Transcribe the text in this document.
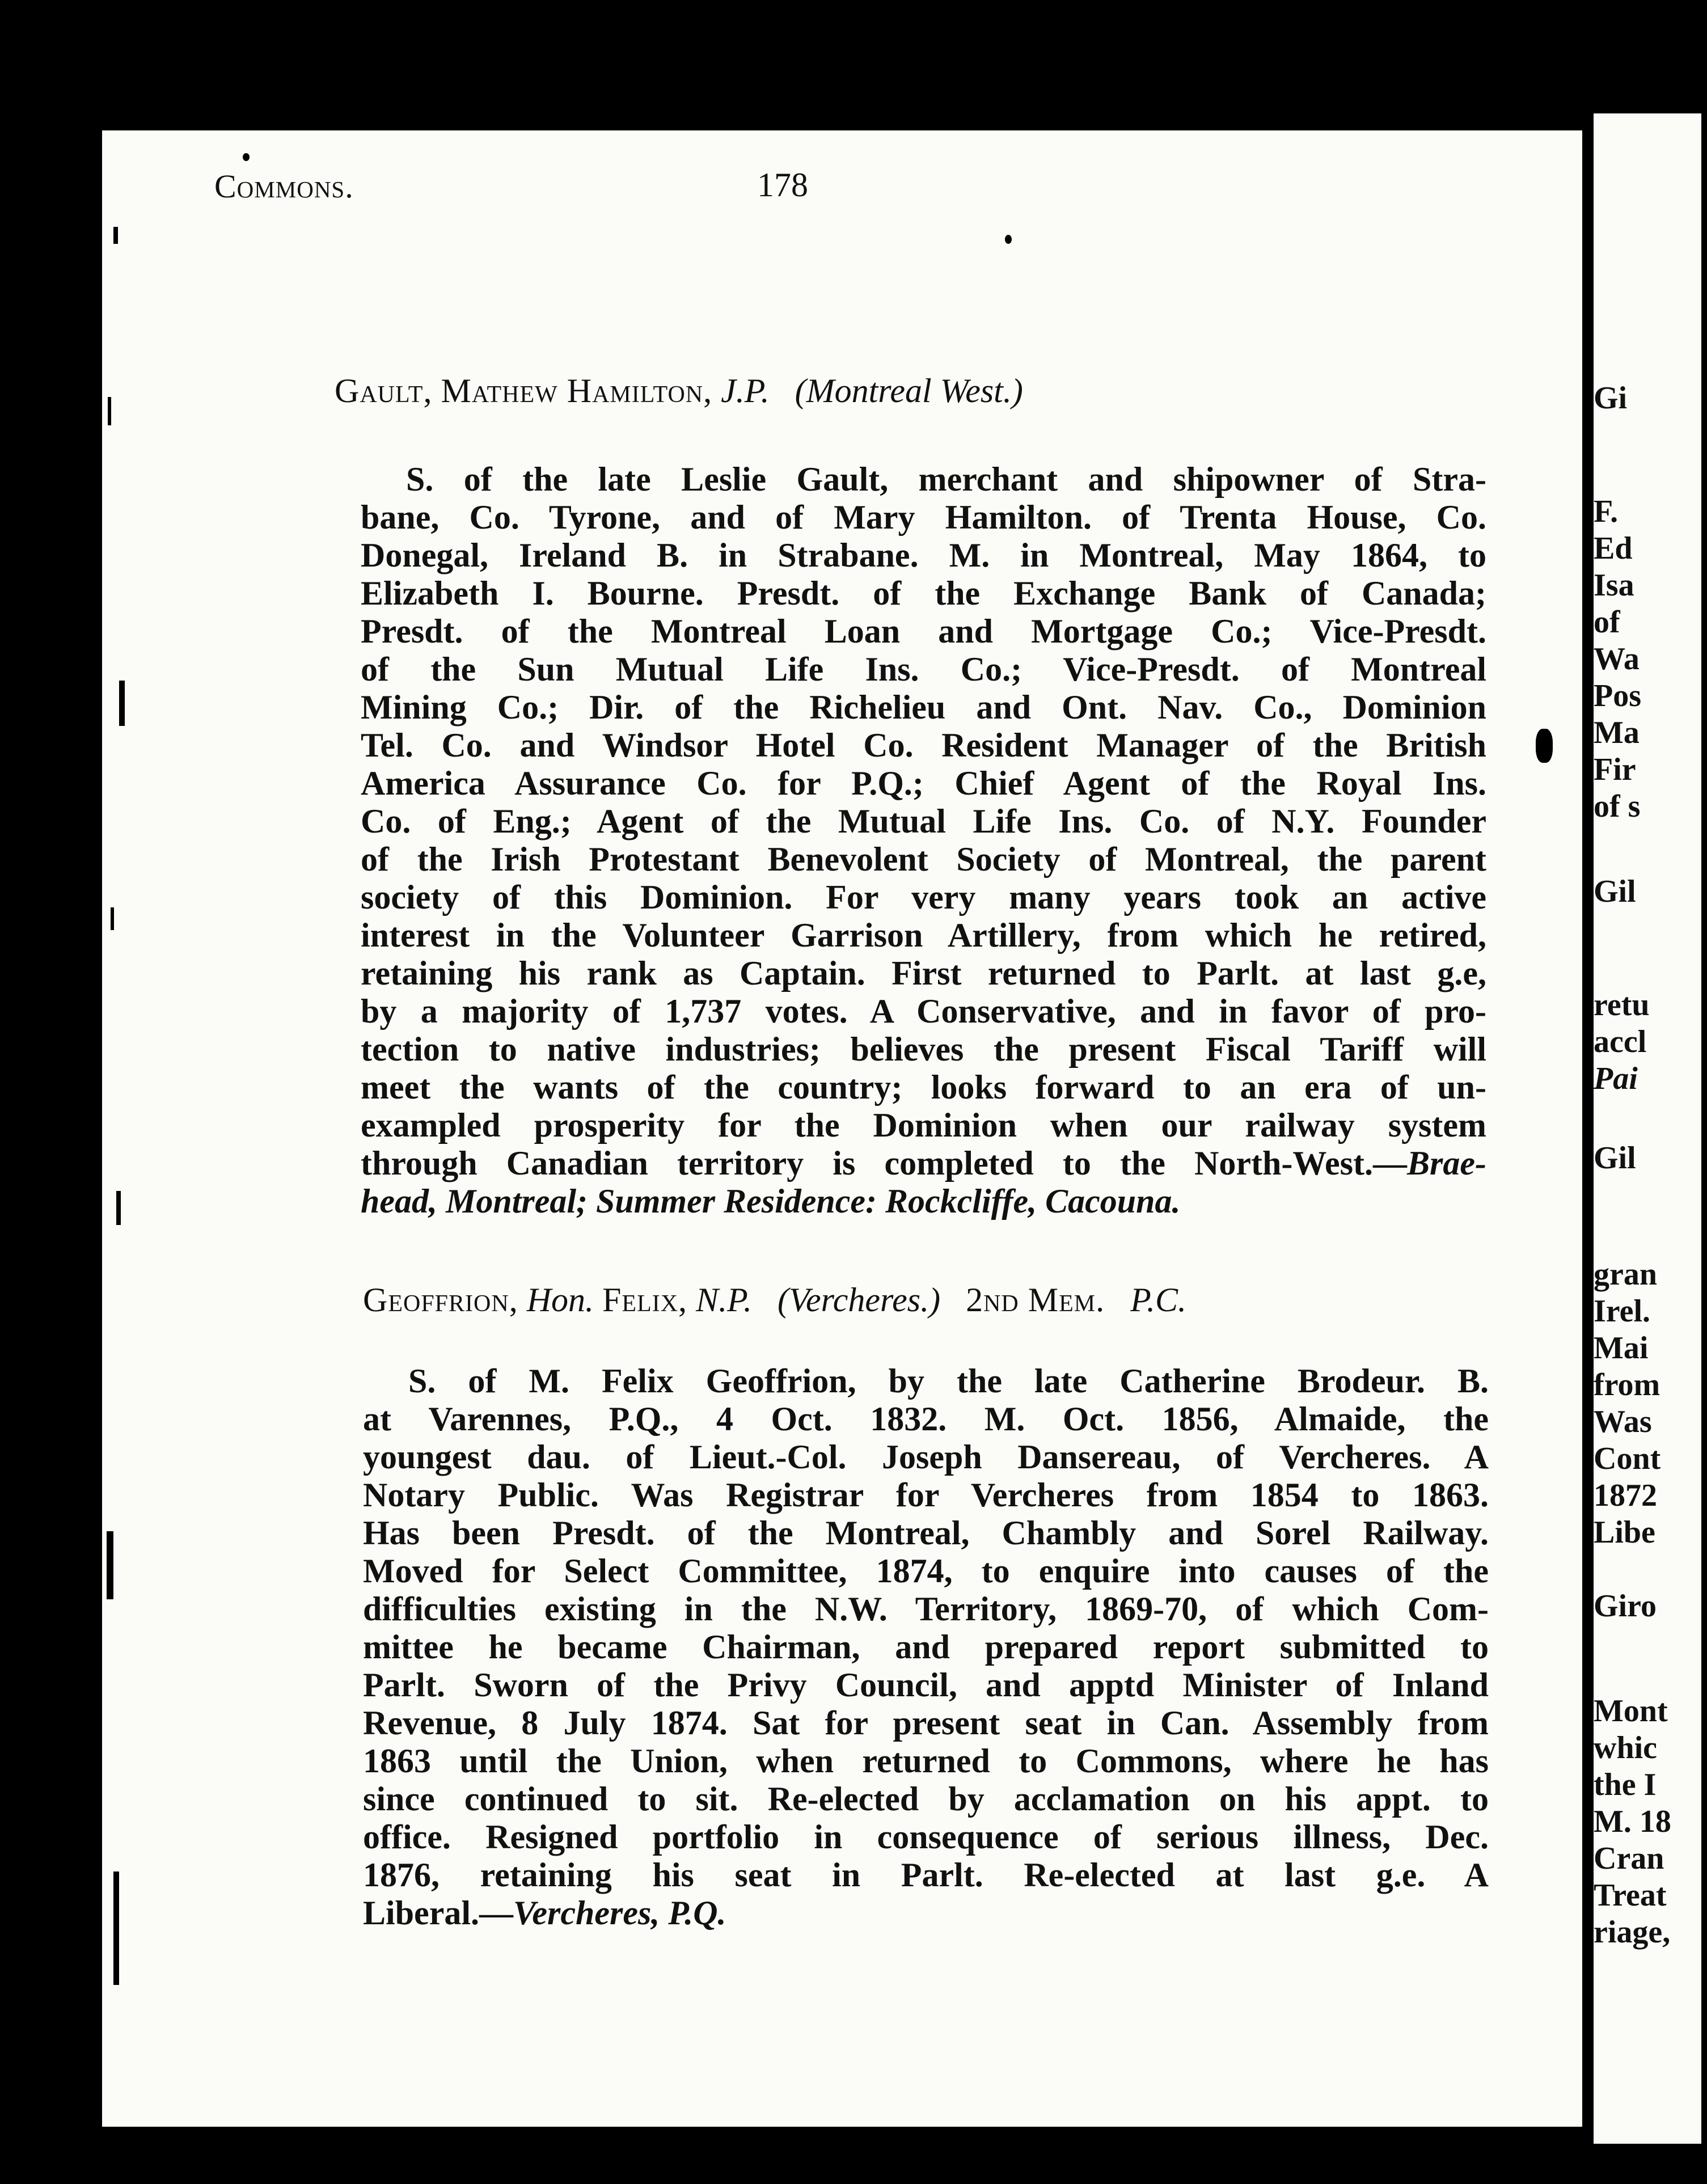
Commons.	178
Gault, Mathew Hamilton, J.P. (Montreal West.)
S. of the late Leslie Gault, merchant and shipowner of Stra-
bane, Co. Tyrone, and of Mary Hamilton. of Trenta House, Co.
Donegal, Ireland B. in Strabane. M. in Montreal, May 1864, to
Elizabeth I. Bourne. Presdt. of the Exchange Bank of Canada;
Presdt. of the Montreal Loan and Mortgage Co.; Vice-Presdt.
of the Sun Mutual Life Ins. Co.; Vice-Presdt. of Montreal
Mining Co.; Dir. of the Richelieu and Ont. Nav. Co., Dominion
Tel. Co. and Windsor Hotel Co. Resident Manager of the British
America Assurance Co. for P.Q.; Chief Agent of the Royal Ins.
Co. of Eng.; Agent of the Mutual Life Ins. Co. of N.Y. Founder
of the Irish Protestant Benevolent Society of Montreal, the parent
society of this Dominion. For very many years took an active
interest in the Volunteer Garrison Artillery, from which he retired,
retaining his rank as Captain. First returned to Parlt. at last g.e,
by a majority of 1,737 votes. A Conservative, and in favor of pro-
tection to native industries; believes the present Fiscal Tariff will
meet the wants of the country; looks forward to an era of un-
exampled prosperity for the Dominion when our railway system
through Canadian territory is completed to the North-West.—Brae-
head, Montreal; Summer Residence: Rockcliffe, Cacouna.
Geoffrion, Hon. Felix, N.P. (Vercheres.) 2nd Mem. P.C.
S. of M. Felix Geoffrion, by the late Catherine Brodeur. B.
at Varennes, P.Q., 4 Oct. 1832. M. Oct. 1856, Almaide, the
youngest dau. of Lieut.-Col. Joseph Dansereau, of Vercheres. A
Notary Public. Was Registrar for Vercheres from 1854 to 1863.
Has been Presdt. of the Montreal, Chambly and Sorel Railway.
Moved for Select Committee, 1874, to enquire into causes of the
difficulties existing in the N.W. Territory, 1869-70, of which Com-
mittee he became Chairman, and prepared report submitted to
Parlt. Sworn of the Privy Council, and apptd Minister of Inland
Revenue, 8 July 1874. Sat for present seat in Can. Assembly from
1863 until the Union, when returned to Commons, where he has
since continued to sit. Re-elected by acclamation on his appt. to
office. Resigned portfolio in consequence of serious illness, Dec.
1876, retaining his seat in Parlt. Re-elected at last g.e. A
Liberal.—Vercheres, P.Q.
Gi
F.
Ed
Isa
of
Wa
Pos
Ma
Fir
of s
Gil
retu
accl
Pai
Gil
gran
Irel.
Mai
from
Was
Cont
1872
Libe
Giro
Mont
whic
the I
M. 18
Cran
Treat
riage,
